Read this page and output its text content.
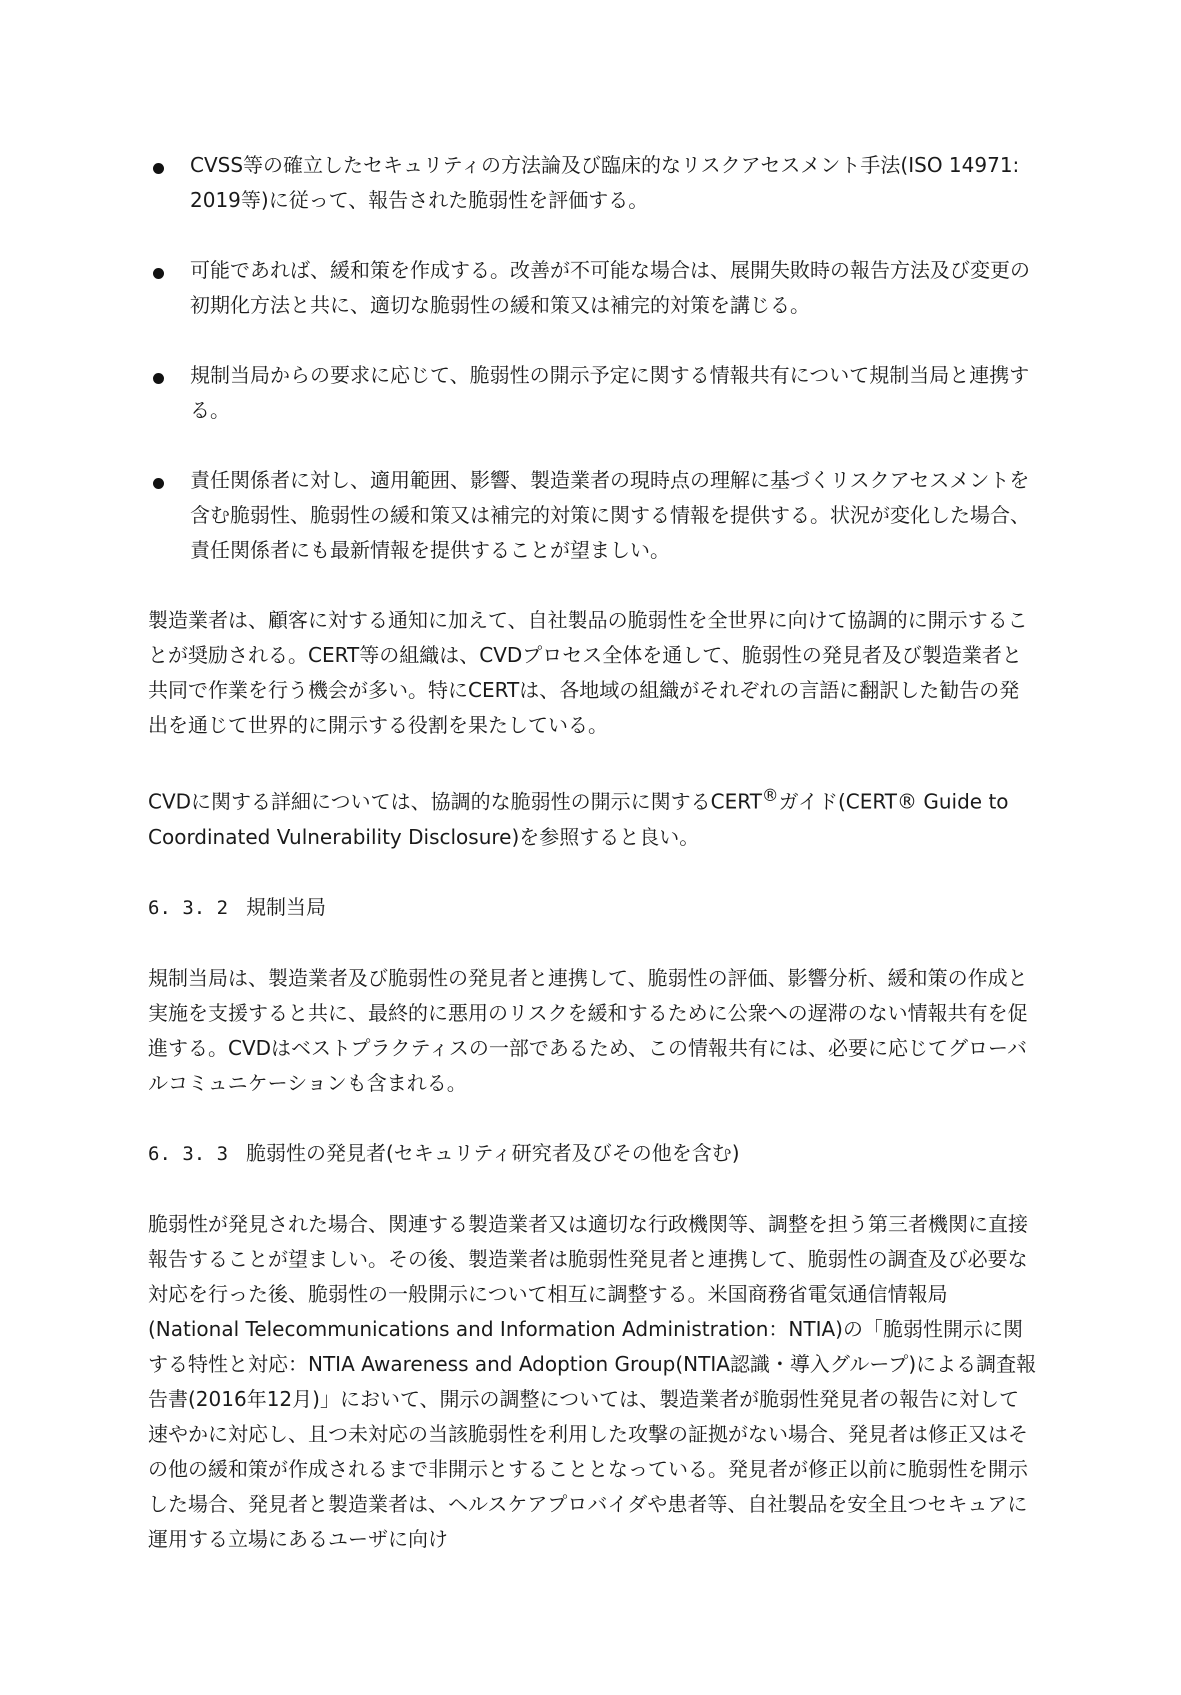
CVSS等の確立したセキュリティの方法論及び臨床的なリスクアセスメント手法(ISO 14971: 2019等)に従って、報告された脆弱性を評価する。
可能であれば、緩和策を作成する。改善が不可能な場合は、展開失敗時の報告方法及び変更の初期化方法と共に、適切な脆弱性の緩和策又は補完的対策を講じる。
規制当局からの要求に応じて、脆弱性の開示予定に関する情報共有について規制当局と連携する。
責任関係者に対し、適用範囲、影響、製造業者の現時点の理解に基づくリスクアセスメントを含む脆弱性、脆弱性の緩和策又は補完的対策に関する情報を提供する。状況が変化した場合、責任関係者にも最新情報を提供することが望ましい。

製造業者は、顧客に対する通知に加えて、自社製品の脆弱性を全世界に向けて協調的に開示することが奨励される。CERT等の組織は、CVDプロセス全体を通して、脆弱性の発見者及び製造業者と共同で作業を行う機会が多い。特にCERTは、各地域の組織がそれぞれの言語に翻訳した勧告の発出を通じて世界的に開示する役割を果たしている。

CVDに関する詳細については、協調的な脆弱性の開示に関するCERT®ガイド(CERT® Guide to Coordinated Vulnerability Disclosure)を参照すると良い。

6. 3. 2 規制当局

規制当局は、製造業者及び脆弱性の発見者と連携して、脆弱性の評価、影響分析、緩和策の作成と実施を支援すると共に、最終的に悪用のリスクを緩和するために公衆への遅滞のない情報共有を促進する。CVDはベストプラクティスの一部であるため、この情報共有には、必要に応じてグローバルコミュニケーションも含まれる。

6. 3. 3 脆弱性の発見者(セキュリティ研究者及びその他を含む)

脆弱性が発見された場合、関連する製造業者又は適切な行政機関等、調整を担う第三者機関に直接報告することが望ましい。その後、製造業者は脆弱性発見者と連携して、脆弱性の調査及び必要な対応を行った後、脆弱性の一般開示について相互に調整する。米国商務省電気通信情報局(National Telecommunications and Information Administration：NTIA)の「脆弱性開示に関する特性と対応：NTIA Awareness and Adoption Group(NTIA認識・導入グループ)による調査報告書(2016年12月)」において、開示の調整については、製造業者が脆弱性発見者の報告に対して速やかに対応し、且つ未対応の当該脆弱性を利用した攻撃の証拠がない場合、発見者は修正又はその他の緩和策が作成されるまで非開示とすることとなっている。発見者が修正以前に脆弱性を開示した場合、発見者と製造業者は、ヘルスケアプロバイダや患者等、自社製品を安全且つセキュアに運用する立場にあるユーザに向け
